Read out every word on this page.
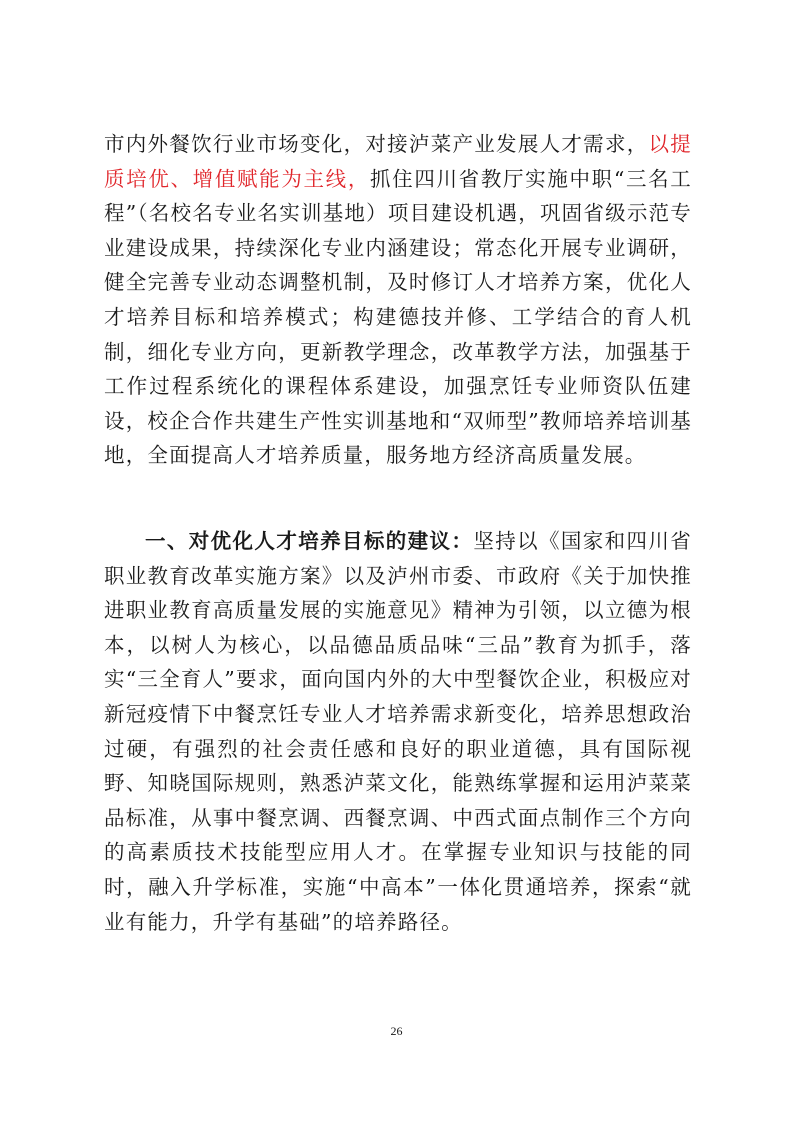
市内外餐饮行业市场变化，对接泸菜产业发展人才需求，以提质培优、增值赋能为主线，抓住四川省教厅实施中职“三名工程”（名校名专业名实训基地）项目建设机遇，巩固省级示范专业建设成果，持续深化专业内涵建设；常态化开展专业调研，健全完善专业动态调整机制，及时修订人才培养方案，优化人才培养目标和培养模式；构建德技并修、工学结合的育人机制，细化专业方向，更新教学理念，改革教学方法，加强基于工作过程系统化的课程体系建设，加强烹饪专业师资队伍建设，校企合作共建生产性实训基地和“双师型”教师培养培训基地，全面提高人才培养质量，服务地方经济高质量发展。
一、对优化人才培养目标的建议：坚持以《国家和四川省职业教育改革实施方案》以及泸州市委、市政府《关于加快推进职业教育高质量发展的实施意见》精神为引领，以立德为根本，以树人为核心，以品德品质品味“三品”教育为抓手，落实“三全育人”要求，面向国内外的大中型餐饮企业，积极应对新冠疫情下中餐烹饪专业人才培养需求新变化，培养思想政治过硬，有强烈的社会责任感和良好的职业道德，具有国际视野、知晓国际规则，熟悉泸菜文化，能熟练掌握和运用泸菜菜品标准，从事中餐烹调、西餐烹调、中西式面点制作三个方向的高素质技术技能型应用人才。在掌握专业知识与技能的同时，融入升学标准，实施“中高本”一体化贯通培养，探索“就业有能力，升学有基础”的培养路径。
26
